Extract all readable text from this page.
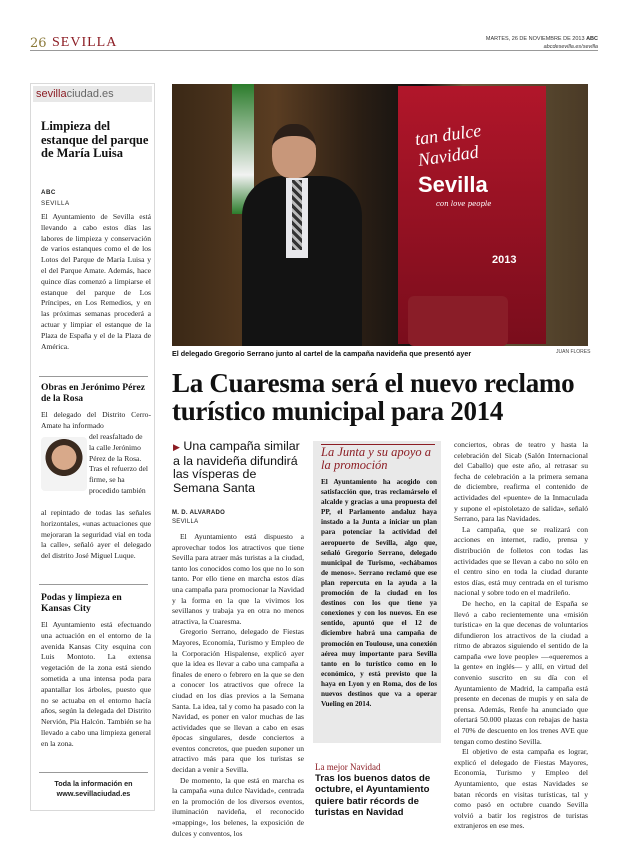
26 SEVILLA	MARTES, 26 DE NOVIEMBRE DE 2013 ABC
abcdesevilla.es/sevilla
sevillaciudad.es
Limpieza del estanque del parque de María Luisa
ABC
SEVILLA
El Ayuntamiento de Sevilla está llevando a cabo estos días las labores de limpieza y conservación de varios estanques como el de los Lotos del Parque de María Luisa y el del Parque Amate. Además, hace quince días comenzó a limpiarse el estanque del parque de Los Príncipes, en Los Remedios, y en las próximas semanas procederá a actuar y limpiar el estanque de la Plaza de España y el de la Plaza de América.
Obras en Jerónimo Pérez de la Rosa
El delegado del Distrito Cerro-Amate ha informado
del reasfaltado de la calle Jerónimo Pérez de la Rosa. Tras el refuerzo del firme, se ha procedido también
al repintado de todas las señales horizontales, «unas actuaciones que mejoraran la seguridad vial en toda la calle», señaló ayer el delegado del distrito José Miguel Luque.
Podas y limpieza en Kansas City
El Ayuntamiento está efectuando una actuación en el entorno de la avenida Kansas City esquina con Luis Montoto. La extensa vegetación de la zona está siendo sometida a una intensa poda para apantallar los árboles, puesto que no se actuaba en el entorno hacía años, según la delegada del Distrito Nervión, Pía Halcón. También se ha llevado a cabo una limpieza general en la zona.
Toda la información en
www.sevillaciudad.es
tan dulce Navidad
Sevilla
con love people
2013
El delegado Gregorio Serrano junto al cartel de la campaña navideña que presentó ayer	JUAN FLORES
La Cuaresma será el nuevo reclamo turístico municipal para 2014
▶ Una campaña similar a la navideña difundirá las vísperas de Semana Santa
M. D. ALVARADO
SEVILLA

El Ayuntamiento está dispuesto a aprovechar todos los atractivos que tiene Sevilla para atraer más turistas a la ciudad, tanto los conocidos como los que no lo son tanto. Por ello tiene en marcha estos días una campaña para promocionar la Navidad y la forma en la que la vivimos los sevillanos y trabaja ya en otra no menos atractiva, la Cuaresma.

Gregorio Serrano, delegado de Fiestas Mayores, Economía, Turismo y Empleo de la Corporación Hispalense, explicó ayer que la idea es llevar a cabo una campaña a finales de enero o febrero en la que se den a conocer los atractivos que ofrece la ciudad en los días previos a la Semana Santa. La idea, tal y como ha pasado con la Navidad, es poner en valor muchas de las actividades que se llevan a cabo en esas épocas singulares, desde conciertos a eventos concretos, que pueden suponer un atractivo más para que los turistas se decidan a venir a Sevilla.

De momento, la que está en marcha es la campaña «una dulce Navidad», centrada en la promoción de los diversos eventos, iluminación navideña, el reconocido «mapping», los belenes, la exposición de dulces y conventos, los

La Junta y su apoyo a la promoción
El Ayuntamiento ha acogido con satisfacción que, tras reclamárselo el alcalde y gracias a una propuesta del PP, el Parlamento andaluz haya instado a la Junta a iniciar un plan para potenciar la actividad del aeropuerto de Sevilla, algo que, señaló Gregorio Serrano, delegado municipal de Turismo, «echábamos de menos». Serrano reclamó que ese plan repercuta en la ayuda a la promoción de la ciudad en los destinos con los que tiene ya conexiones y con los nuevos. En ese sentido, apuntó que el 12 de diciembre habrá una campaña de promoción en Toulouse, una conexión aérea muy importante para Sevilla tanto en lo turístico como en lo económico, y está previsto que la haya en Lyon y en Roma, dos de los nuevos destinos que va a operar Vueling en 2014.
La mejor Navidad
Tras los buenos datos de octubre, el Ayuntamiento quiere batir récords de turistas en Navidad

conciertos, obras de teatro y hasta la celebración del Sicab (Salón Internacional del Caballo) que este año, al retrasar su fecha de celebración a la primera semana de diciembre, reafirma el contenido de actividades del «puente» de la Inmaculada y supone el «pistoletazo de salida», señaló Serrano, para las Navidades.

La campaña, que se realizará con acciones en internet, radio, prensa y distribución de folletos con todas las actividades que se llevan a cabo no sólo en el centro sino en toda la ciudad durante estos días, está muy centrada en el turismo nacional y sobre todo en el madrileño.

De hecho, en la capital de España se llevó a cabo recientemente una «misión turística» en la que decenas de voluntarios difundieron los atractivos de la ciudad a ritmo de abrazos siguiendo el sentido de la campaña «we love people» —«queremos a la gente» en inglés— y allí, en virtud del convenio suscrito en su día con el Ayuntamiento de Madrid, la campaña está presente en decenas de mupis y en sala de prensa. Además, Renfe ha anunciado que ofertará 50.000 plazas con rebajas de hasta el 70% de descuento en los trenes AVE que tengan como destino Sevilla.

El objetivo de esta campaña es lograr, explicó el delegado de Fiestas Mayores, Economía, Turismo y Empleo del Ayuntamiento, que estas Navidades se batan récords en visitas turísticas, tal y como pasó en octubre cuando Sevilla volvió a batir los registros de turistas extranjeros en ese mes.
